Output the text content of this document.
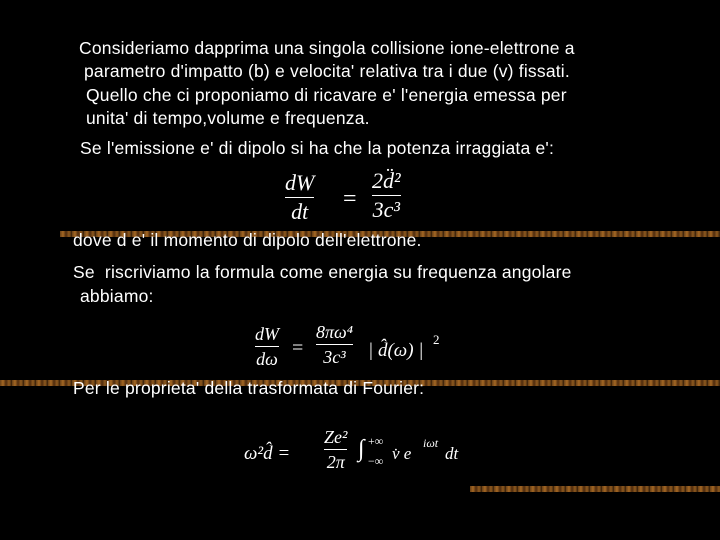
Consideriamo dapprima una singola collisione ione-elettrone a
parametro d'impatto (b) e velocita' relativa tra i due (v) fissati.
Quello che ci proponiamo di ricavare e' l'energia emessa per
unita' di tempo,volume e frequenza.
Se l'emissione e' di dipolo si ha che la potenza irraggiata e':
dW
dt =
2d̈²
3c³
dove d e' il momento di dipolo dell'elettrone.
Se  riscriviamo la formula come energia su frequenza angolare
abbiamo:
dW
dω =
8πω⁴
3c³ | d̂(ω) |
2
Per le proprieta' della trasformata di Fourier:
ω²d̂ =
Ze²
2π ∫ +∞
−∞ v̇ e
iωt
dt
